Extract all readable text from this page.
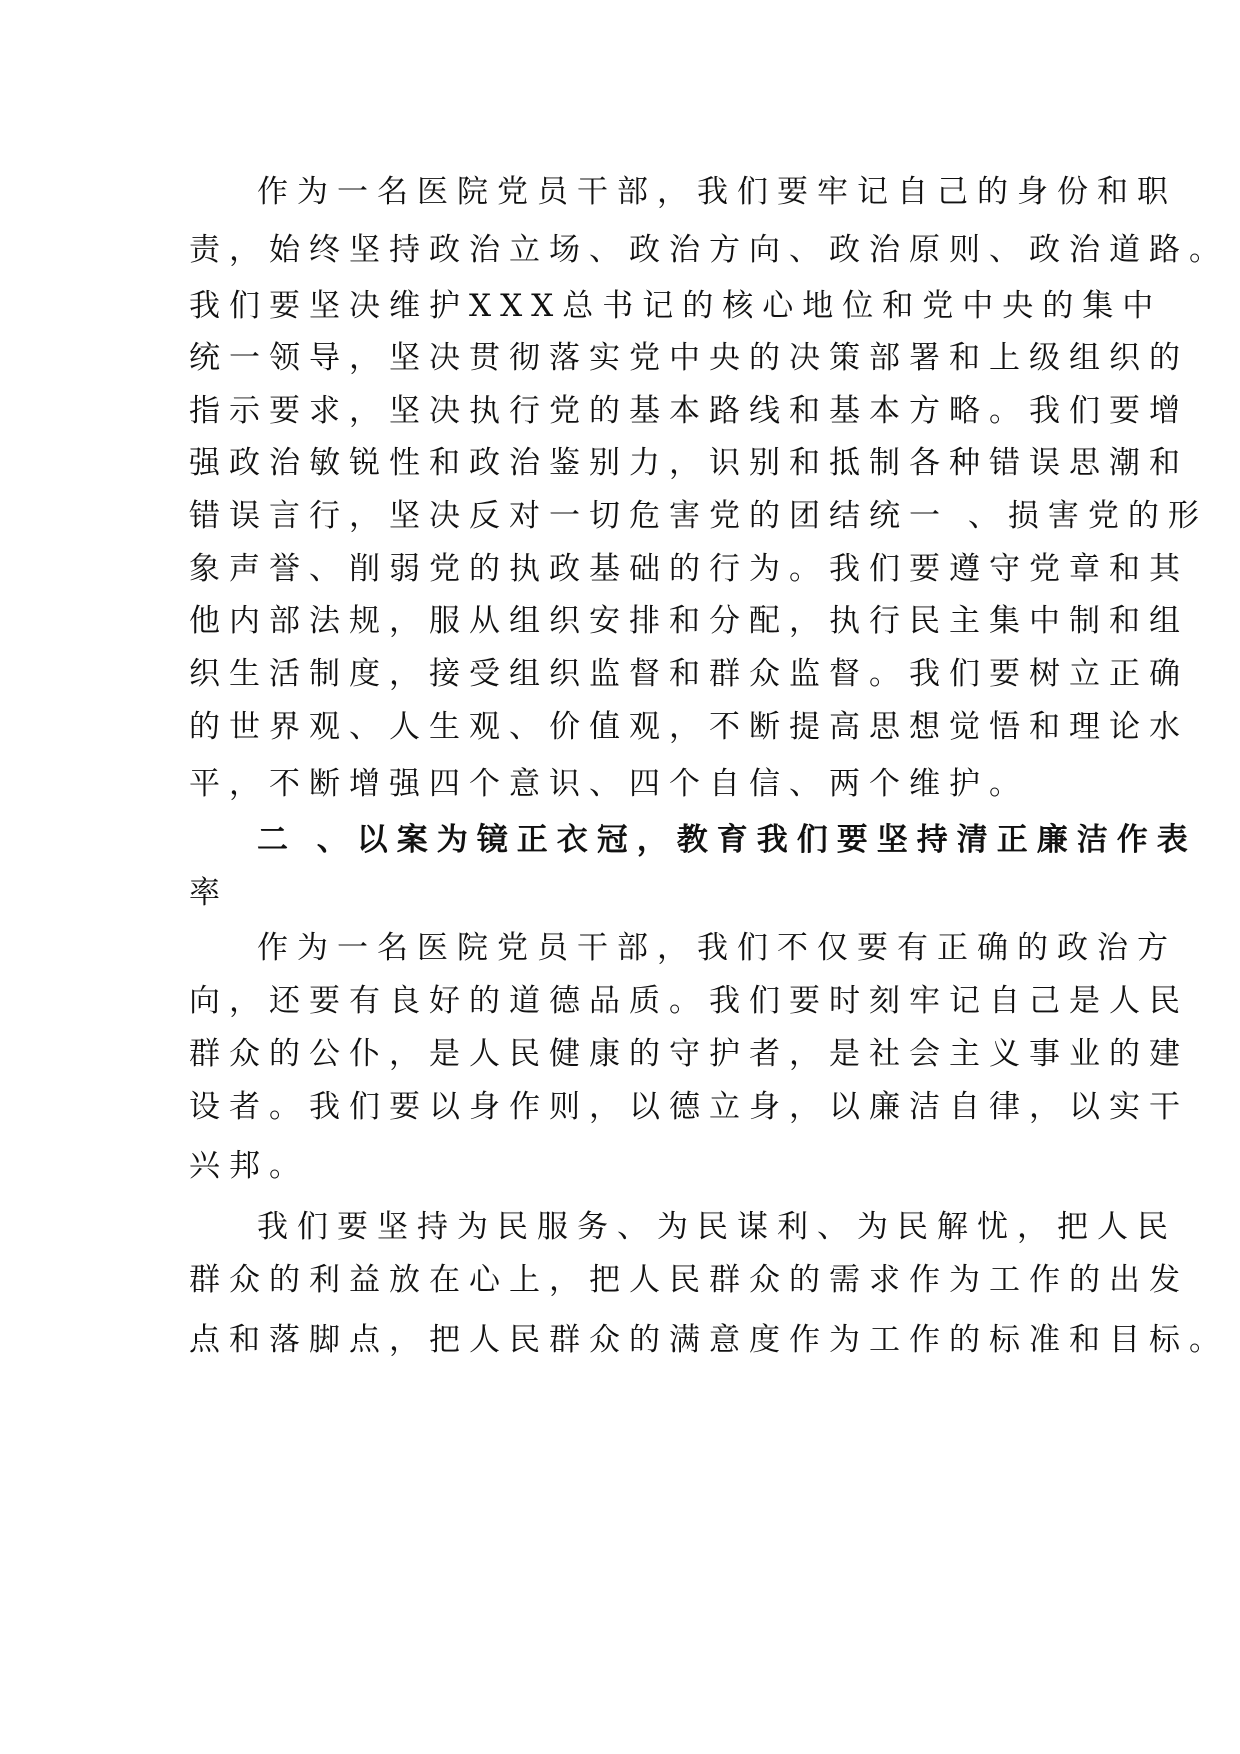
作为一名医院党员干部，我们要牢记自己的身份和职
责，始终坚持政治立场、政治方向、政治原则、政治道路。
我们要坚决维护XXX总书记的核心地位和党中央的集中
统一领导，坚决贯彻落实党中央的决策部署和上级组织的
指示要求，坚决执行党的基本路线和基本方略。我们要增
强政治敏锐性和政治鉴别力，识别和抵制各种错误思潮和
错误言行，坚决反对一切危害党的团结统一 、损害党的形
象声誉、削弱党的执政基础的行为。我们要遵守党章和其
他内部法规，服从组织安排和分配，执行民主集中制和组
织生活制度，接受组织监督和群众监督。我们要树立正确
的世界观、人生观、价值观，不断提高思想觉悟和理论水
平，不断增强四个意识、四个自信、两个维护。
二 、以案为镜正衣冠，教育我们要坚持清正廉洁作表
率
作为一名医院党员干部，我们不仅要有正确的政治方
向，还要有良好的道德品质。我们要时刻牢记自己是人民
群众的公仆，是人民健康的守护者，是社会主义事业的建
设者。我们要以身作则，以德立身，以廉洁自律，以实干
兴邦。
我们要坚持为民服务、为民谋利、为民解忧，把人民
群众的利益放在心上，把人民群众的需求作为工作的出发
点和落脚点，把人民群众的满意度作为工作的标准和目标。
